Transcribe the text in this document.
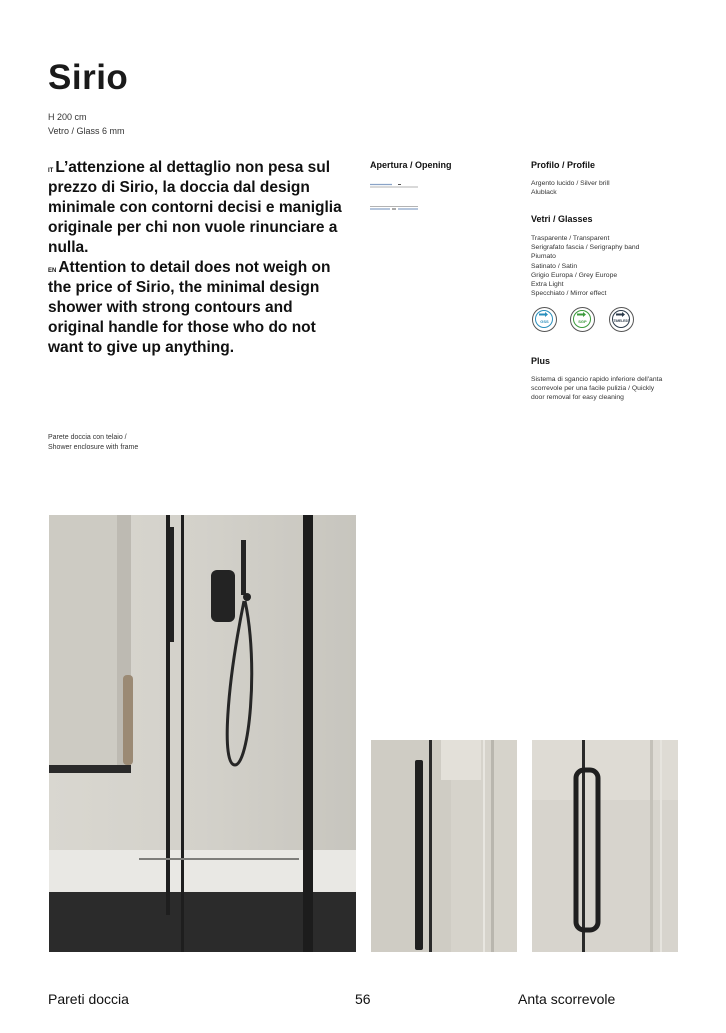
Sirio
H 200 cm
Vetro / Glass 6 mm
$^{IT}$ L’attenzione al dettaglio non pesa sul prezzo di Sirio, la doccia dal design minimale con contorni decisi e maniglia originale per chi non vuole rinunciare a nulla.
$^{EN}$ Attention to detail does not weigh on the price of Sirio, the minimal design shower with strong contours and original handle for those who do not want to give up anything.
Parete doccia con telaio /
Shower enclosure with frame
Apertura / Opening	Profilo / Profile
Argento lucido / Silver brill
Alublack
Vetri / Glasses
Trasparente / Transparent
Serigrafato fascia / Serigraphy band
Piumato
Satinato / Satin
Grigio Europa / Grey Europe
Extra Light
Specchiato / Mirror effect
GSS	SGP	TIMELESS
Plus
Sistema di sgancio rapido inferiore dell'anta
scorrevole per una facile pulizia / Quickly
door removal for easy cleaning
Pareti doccia	56	Anta scorrevole
